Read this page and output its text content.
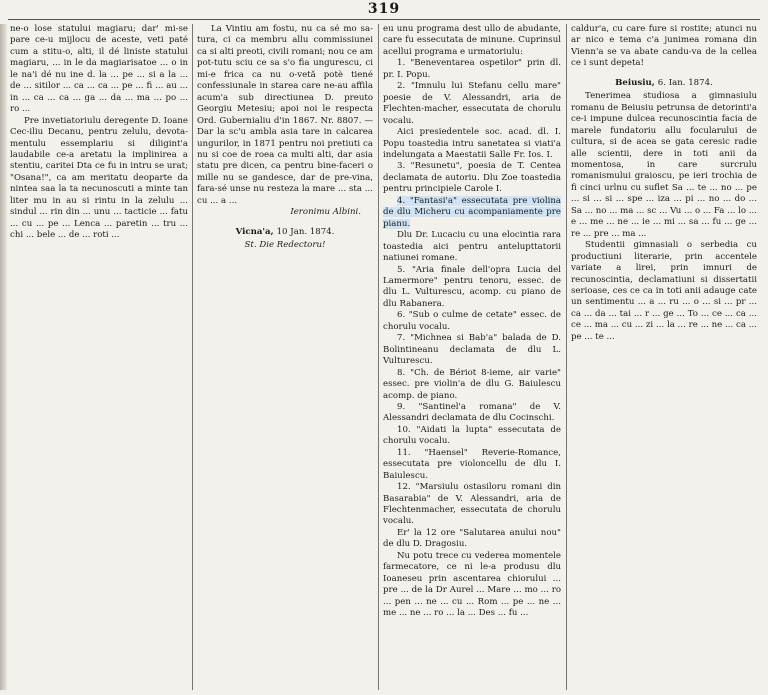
319

ne-o lose statului magiaru; dar' mi-se pare ce-u mijlocu de aceste, veti paté cum a stitu-o, alti, il dé liniste statului magiaru, ... in le da magiarisatoe ... o in le na'i dé nu ine d. la ... pe ... si a la ... de ... sitilor ... ca ... ca ... pe ... fi ... au ... in ... ca ... ca ... ga ... da ... ma ... po ... ro ...

Pre invetiatoriulu deregente D. Ioane Cec-iliu Decanu, pentru zelulu, devota-mentulu essemplariu si diligint'a laudabile ce-a aretatu la implinirea a stentiu, caritei Dta ce fu in intru se urat; "Osana!", ca am meritatu deoparte da nintea saa la ta necunoscuti a minte tan liter mu in au si rintu in la zelulu ... sindul ... rin din ... unu ... tacticie ... fatu ... cu ... pe ... Lenca ... paretin ... tru ... chi ... bele ... de ... roti ...

La Vintiu am fostu, nu ca sé mo sa-tura, ci ca membru allu commissiunei ca si alti preoti, civili romani; nou ce am pot-tutu sciu ce sa s'o fia ungurescu, ci mi-e frica ca nu o-vetă potè tiené confessiunale in starea care ne-au affila acum'a sub directiunea D. preuto Georgiu Metesiu; apoi noi le respecta Ord. Gubernialiu d'in 1867. Nr. 8807. — Dar la sc'u ambla asia tare in calcarea ungurilor, in 1871 pentru noi pretiuti ca nu si coe de roea ca multi alti, dar asia statu pre dicen, ca pentru bine-faceri o mille nu se gandesce, dar de pre-vina, fara-sé unse nu resteza la mare ... sta ... cu ... a ...

Ieronimu Albini.

Vicna'a, 10 Jan. 1874.

St. Die Redectoru!

eu unu programa dest ullo de abudante, care fu essecutata de minune. Cuprinsul acellui programa e urmatoriulu:

1. "Beneventarea ospetilor" prin dl. pr. I. Popu.

2. "Imnulu lui Stefanu cellu mare" poesie de V. Alessandri, aria de Flechten-macher, essecutata de chorulu vocalu.

Aici presiedentele soc. acad. dl. I. Popu toastedia intru sanetatea si viati'a indelungata a Maestatii Salle Fr. Ios. I.

3. "Resunetu", poesia de T. Centea declamata de autoriu. Dlu Zoe toastedia pentru principiele Carole I.

4. "Fantasi'a" essecutata pre violina de dlu Micheru cu acompaniamente pre pianu.

Dlu Dr. Lucaciu cu una elocintia rara toastedia aici pentru antelupttatorii natiunei romane.

5. "Aria finale dell'opra Lucia del Lamermore" pentru tenoru, essec. de dlu L. Vulturescu, acomp. cu piano de dlu Rabanera.

6. "Sub o culme de cetate" essec. de chorulu vocalu.

7. "Michnea si Bab'a" balada de D. Bolintineanu declamata de dlu L. Vulturescu.

8. "Ch. de Bériot 8-ieme, air varie" essec. pre violin'a de dlu G. Baiulescu acomp. de piano.

9. "Santinel'a romana" de V. Alessandri declamata de dlu Cocinschi.

10. "Aidati la lupta" essecutata de chorulu vocalu.

11. "Haensel" Reverie-Romance, essecutata pre violoncellu de dlu I. Baiulescu.

12. "Marsiulu ostasiloru romani din Basarabia" de V. Alessandri, aria de Flechtenmacher, essecutata de chorulu vocalu.

Er' la 12 ore "Salutarea anului nou" de dlu D. Dragosiu.

Nu potu trece cu vederea momentele farmecatore, ce ni le-a produsu dlu Ioaneseu prin ascentarea chiorului ... pre ... de la Dr Aurel ... Mare ... mo ... ro ... pen ... ne ... cu ... Rom ... pe ... ne ... me ... ne ... ro ... la ... Des ... fu ...

caldur'a, cu care fure si rostite; atunci nu ar nico e tema c'a junimea romana din Vienn'a se va abate candu-va de la cellea ce i sunt depeta!

Beiusiu, 6. Ian. 1874.

Tenerimea studiosa a gimnasiulu romanu de Beiusiu petrunsa de detorinti'a ce-i impune dulcea recunoscintia facia de marele fundatoriu allu focularului de cultura, si de acea se gata ceresic radie alle scientii, dere in toti anii da momentosa, in care surcrulu romanismului graioscu, pe ieri trochia de fi cinci urlnu cu suflet Sa ... te ... no ... pe ... si ... si ... spe ... iza ... pi ... no ... do ... Sa ... no ... ma ... sc ... Vu ... o ... Fa ... lo ... e ... me ... ne ... ie ... mi ... sa ... fu ... ge ... re ... pre ... ma ...

Studentii gimnasiali o serbedia cu productiuni literarie, prin accentele variate a lirei, prin imnuri de recunoscintia, declamatiuni si dissertatii serioase, ces ce ca in toti anii adauge cate un sentimentu ... a ... ru ... o ... si ... pr ... ca ... da ... tai ... r ... ge ... To ... ce ... ca ... ce ... ma ... cu ... zi ... la ... re ... ne ... ca ... pe ... te ...
